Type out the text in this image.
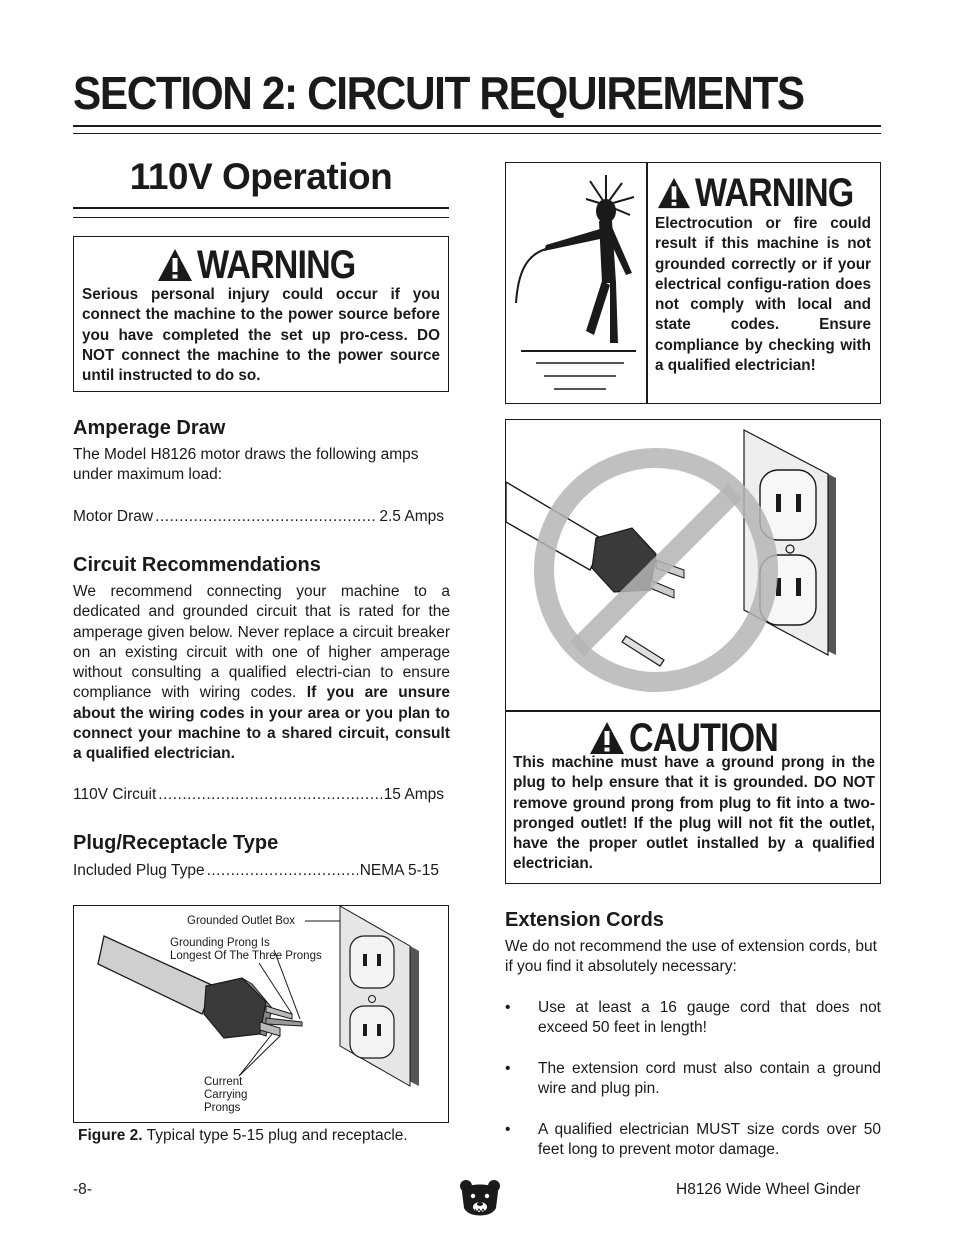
SECTION 2: CIRCUIT REQUIREMENTS
110V Operation
WARNING
Serious personal injury could occur if you connect the machine to the power source before you have completed the set up pro-cess. DO NOT connect the machine to the power source until instructed to do so.
Amperage Draw
The Model H8126 motor draws the following amps under maximum load:
Motor Draw .....	2.5 Amps
Circuit Recommendations
We recommend connecting your machine to a dedicated and grounded circuit that is rated for the amperage given below. Never replace a circuit breaker on an existing circuit with one of higher amperage without consulting a qualified electri-cian to ensure compliance with wiring codes. If you are unsure about the wiring codes in your area or you plan to connect your machine to a shared circuit, consult a qualified electrician.
110V Circuit .....	15 Amps
Plug/Receptacle Type
Included Plug Type .....	NEMA 5-15
Grounded Outlet Box
Grounding Prong Is
Longest Of The Three Prongs
Current
Carrying
Prongs
Figure 2. Typical type 5-15 plug and receptacle.
WARNING
Electrocution or fire could result if this machine is not grounded correctly or if your electrical configu-ration does not comply with local and state codes. Ensure compliance by checking with a qualified electrician!
CAUTION
This machine must have a ground prong in the plug to help ensure that it is grounded. DO NOT remove ground prong from plug to fit into a two-pronged outlet! If the plug will not fit the outlet, have the proper outlet installed by a qualified electrician.
Extension Cords
We do not recommend the use of extension cords, but if you find it absolutely necessary:
• Use at least a 16 gauge cord that does not exceed 50 feet in length!
• The extension cord must also contain a ground wire and plug pin.
• A qualified electrician MUST size cords over 50 feet long to prevent motor damage.
-8-	H8126 Wide Wheel Ginder
